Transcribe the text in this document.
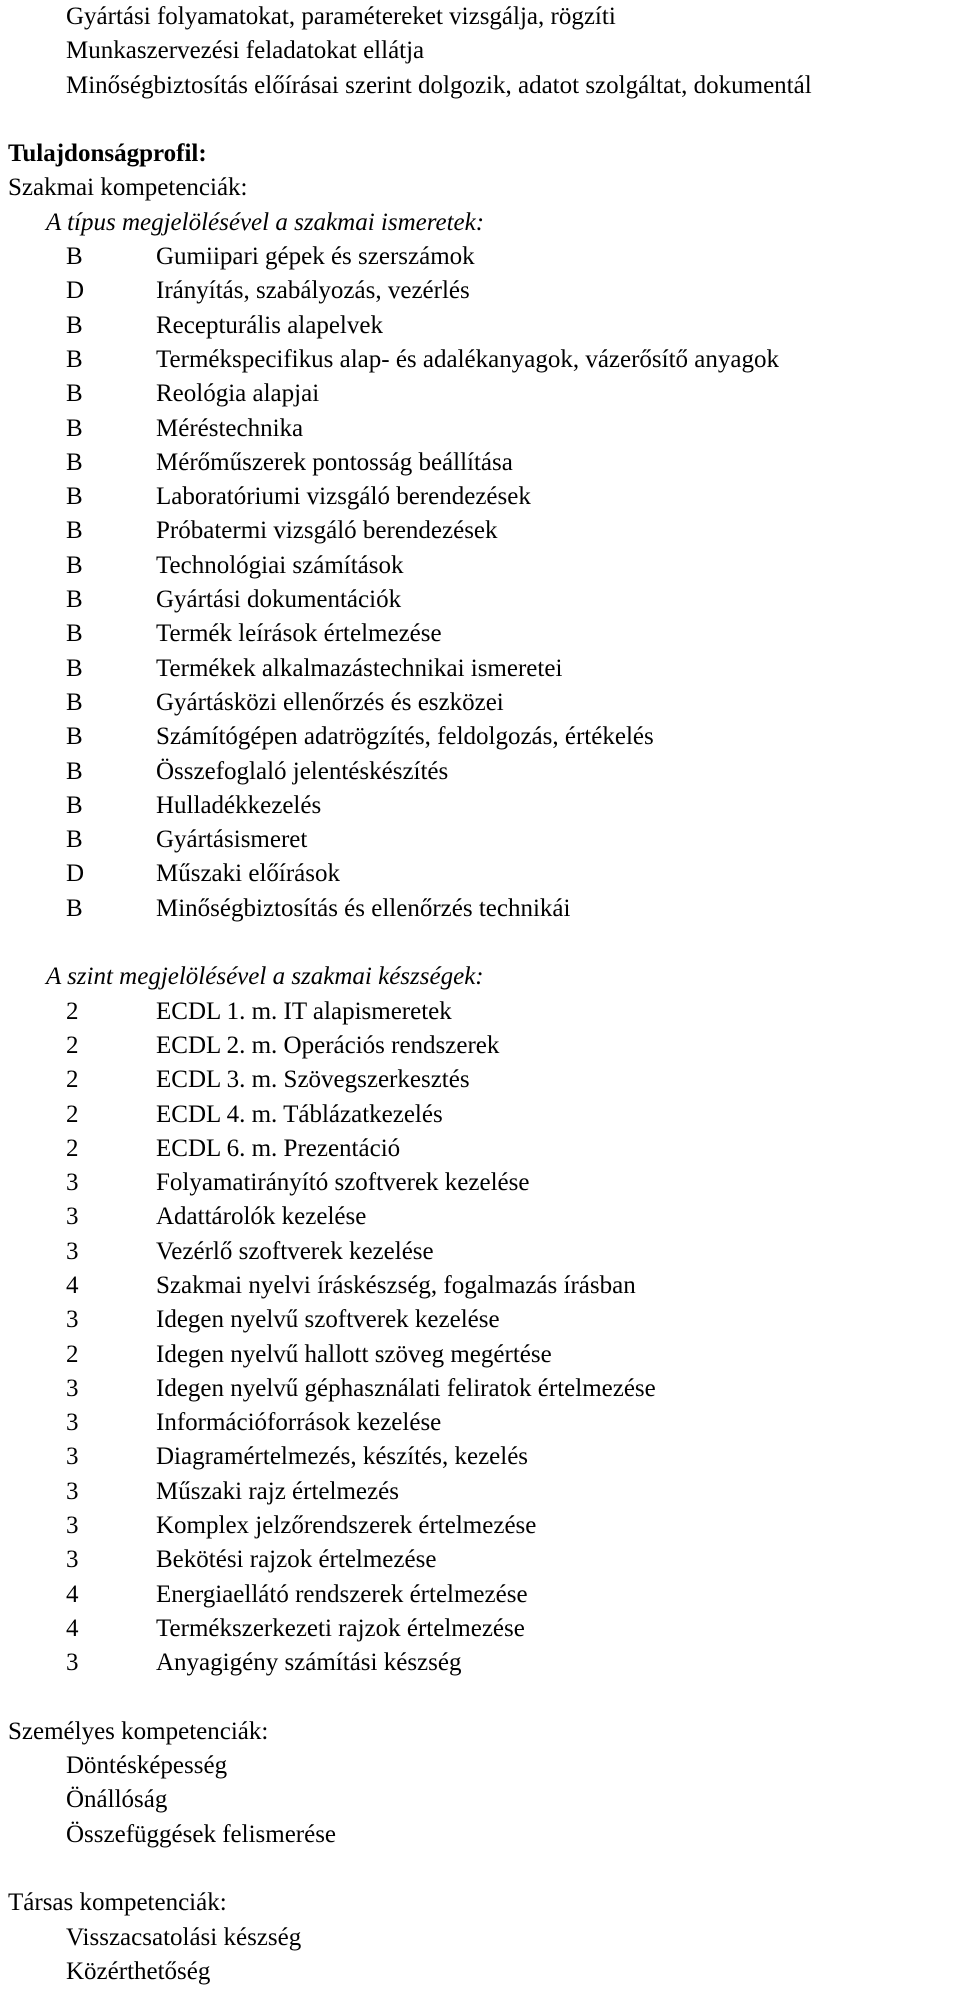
Gyártási folyamatokat, paramétereket vizsgálja, rögzíti
Munkaszervezési feladatokat ellátja
Minőségbiztosítás előírásai szerint dolgozik, adatot szolgáltat, dokumentál
Tulajdonságprofil:
Szakmai kompetenciák:
A típus megjelölésével a szakmai ismeretek:
B	Gumiipari gépek és szerszámok
D	Irányítás, szabályozás, vezérlés
B	Recepturális alapelvek
B	Termékspecifikus alap- és adalékanyagok, vázerősítő anyagok
B	Reológia alapjai
B	Méréstechnika
B	Mérőműszerek pontosság beállítása
B	Laboratóriumi vizsgáló berendezések
B	Próbatermi vizsgáló berendezések
B	Technológiai számítások
B	Gyártási dokumentációk
B	Termék leírások értelmezése
B	Termékek alkalmazástechnikai ismeretei
B	Gyártásközi ellenőrzés és eszközei
B	Számítógépen adatrögzítés, feldolgozás, értékelés
B	Összefoglaló jelentéskészítés
B	Hulladékkezelés
B	Gyártásismeret
D	Műszaki előírások
B	Minőségbiztosítás és ellenőrzés technikái
A szint megjelölésével a szakmai készségek:
2	ECDL 1. m. IT alapismeretek
2	ECDL 2. m. Operációs rendszerek
2	ECDL 3. m. Szövegszerkesztés
2	ECDL 4. m. Táblázatkezelés
2	ECDL 6. m. Prezentáció
3	Folyamatirányító szoftverek kezelése
3	Adattárolók kezelése
3	Vezérlő szoftverek kezelése
4	Szakmai nyelvi íráskészség, fogalmazás írásban
3	Idegen nyelvű szoftverek kezelése
2	Idegen nyelvű hallott szöveg megértése
3	Idegen nyelvű géphasználati feliratok értelmezése
3	Információforrások kezelése
3	Diagramértelmezés, készítés, kezelés
3	Műszaki rajz értelmezés
3	Komplex jelzőrendszerek értelmezése
3	Bekötési rajzok értelmezése
4	Energiaellátó rendszerek értelmezése
4	Termékszerkezeti rajzok értelmezése
3	Anyagigény számítási készség
Személyes kompetenciák:
Döntésképesség
Önállóság
Összefüggések felismerése
Társas kompetenciák:
Visszacsatolási készség
Közérthetőség
